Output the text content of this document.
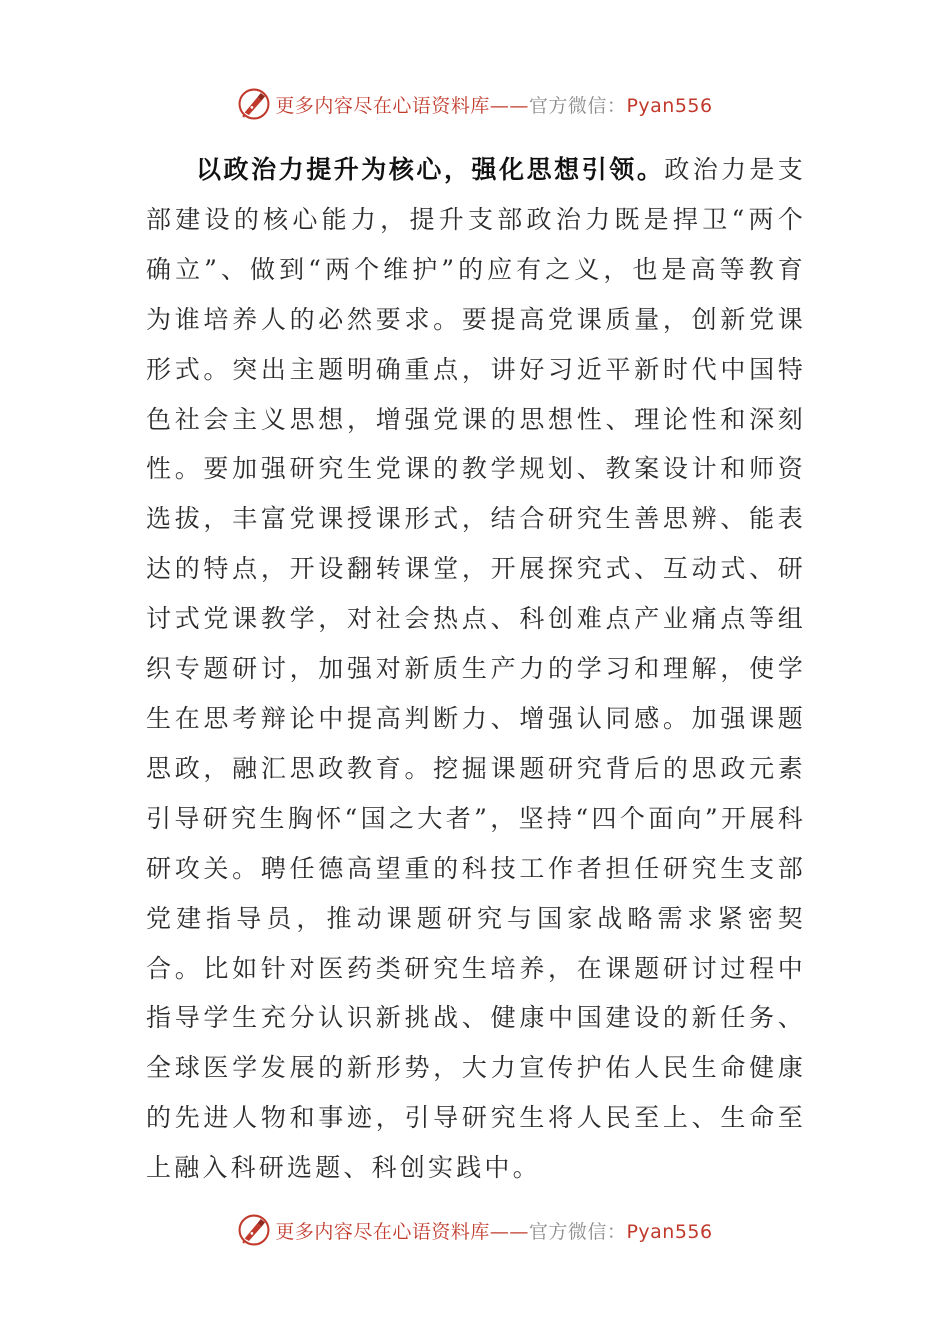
更多内容尽在心语资料库——官方微信：Pyan556

以政治力提升为核心，强化思想引领。政治力是支部建设的核心能力，提升支部政治力既是捍卫“两个确立”、做到“两个维护”的应有之义，也是高等教育为谁培养人的必然要求。要提高党课质量，创新党课形式。突出主题明确重点，讲好习近平新时代中国特色社会主义思想，增强党课的思想性、理论性和深刻性。要加强研究生党课的教学规划、教案设计和师资选拔，丰富党课授课形式，结合研究生善思辨、能表达的特点，开设翻转课堂，开展探究式、互动式、研讨式党课教学，对社会热点、科创难点产业痛点等组织专题研讨，加强对新质生产力的学习和理解，使学生在思考辩论中提高判断力、增强认同感。加强课题思政，融汇思政教育。挖掘课题研究背后的思政元素引导研究生胸怀“国之大者”，坚持“四个面向”开展科研攻关。聘任德高望重的科技工作者担任研究生支部党建指导员，推动课题研究与国家战略需求紧密契合。比如针对医药类研究生培养，在课题研讨过程中指导学生充分认识新挑战、健康中国建设的新任务、全球医学发展的新形势，大力宣传护佑人民生命健康的先进人物和事迹，引导研究生将人民至上、生命至上融入科研选题、科创实践中。

更多内容尽在心语资料库——官方微信：Pyan556
